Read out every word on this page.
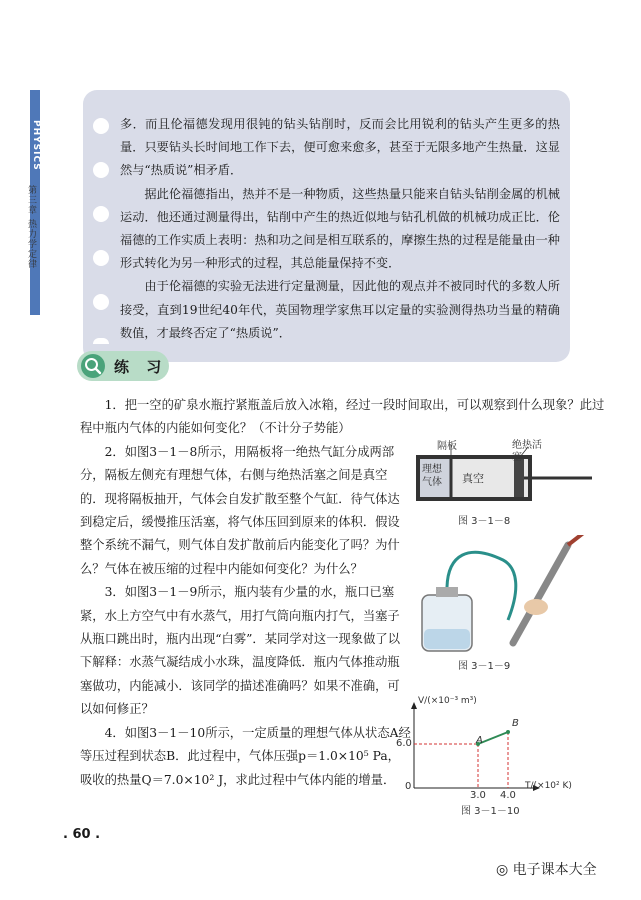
PHYSICS
第三章 热力学定律

多．而且伦福德发现用很钝的钻头钻削时，反而会比用锐利的钻头产生更多的热量．只要钻头长时间地工作下去，便可愈来愈多，甚至于无限多地产生热量．这显然与“热质说”相矛盾．

据此伦福德指出，热并不是一种物质，这些热量只能来自钻头钻削金属的机械运动．他还通过测量得出，钻削中产生的热近似地与钻孔机做的机械功成正比．伦福德的工作实质上表明：热和功之间是相互联系的，摩擦生热的过程是能量由一种形式转化为另一种形式的过程，其总能量保持不变．

由于伦福德的实验无法进行定量测量，因此他的观点并不被同时代的多数人所接受，直到19世纪40年代，英国物理学家焦耳以定量的实验测得热功当量的精确数值，才最终否定了“热质说”．

练 习

1．把一空的矿泉水瓶拧紧瓶盖后放入冰箱，经过一段时间取出，可以观察到什么现象？此过程中瓶内气体的内能如何变化？（不计分子势能）

2．如图3－1－8所示，用隔板将一绝热气缸分成两部分，隔板左侧充有理想气体，右侧与绝热活塞之间是真空的．现将隔板抽开，气体会自发扩散至整个气缸．待气体达到稳定后，缓慢推压活塞，将气体压回到原来的体积．假设整个系统不漏气，则气体自发扩散前后内能变化了吗？为什么？气体在被压缩的过程中内能如何变化？为什么？

3．如图3－1－9所示，瓶内装有少量的水，瓶口已塞紧，水上方空气中有水蒸气，用打气筒向瓶内打气，当塞子从瓶口跳出时，瓶内出现“白雾”．某同学对这一现象做了以下解释：水蒸气凝结成小水珠，温度降低．瓶内气体推动瓶塞做功，内能减小．该同学的描述准确吗？如果不准确，可以如何修正？

4．如图3－1－10所示，一定质量的理想气体从状态A经等压过程到状态B．此过程中，气体压强p＝1.0×10⁵ Pa，吸收的热量Q＝7.0×10² J，求此过程中气体内能的增量．

隔板	绝热活塞
理想气体	真空
图 3－1－8
图 3－1－9
V/(×10⁻³ m³)
T/(×10² K)
0
6.0
3.0 4.0
A
B
图 3－1－10
. 60 .
◎ 电子课本大全
